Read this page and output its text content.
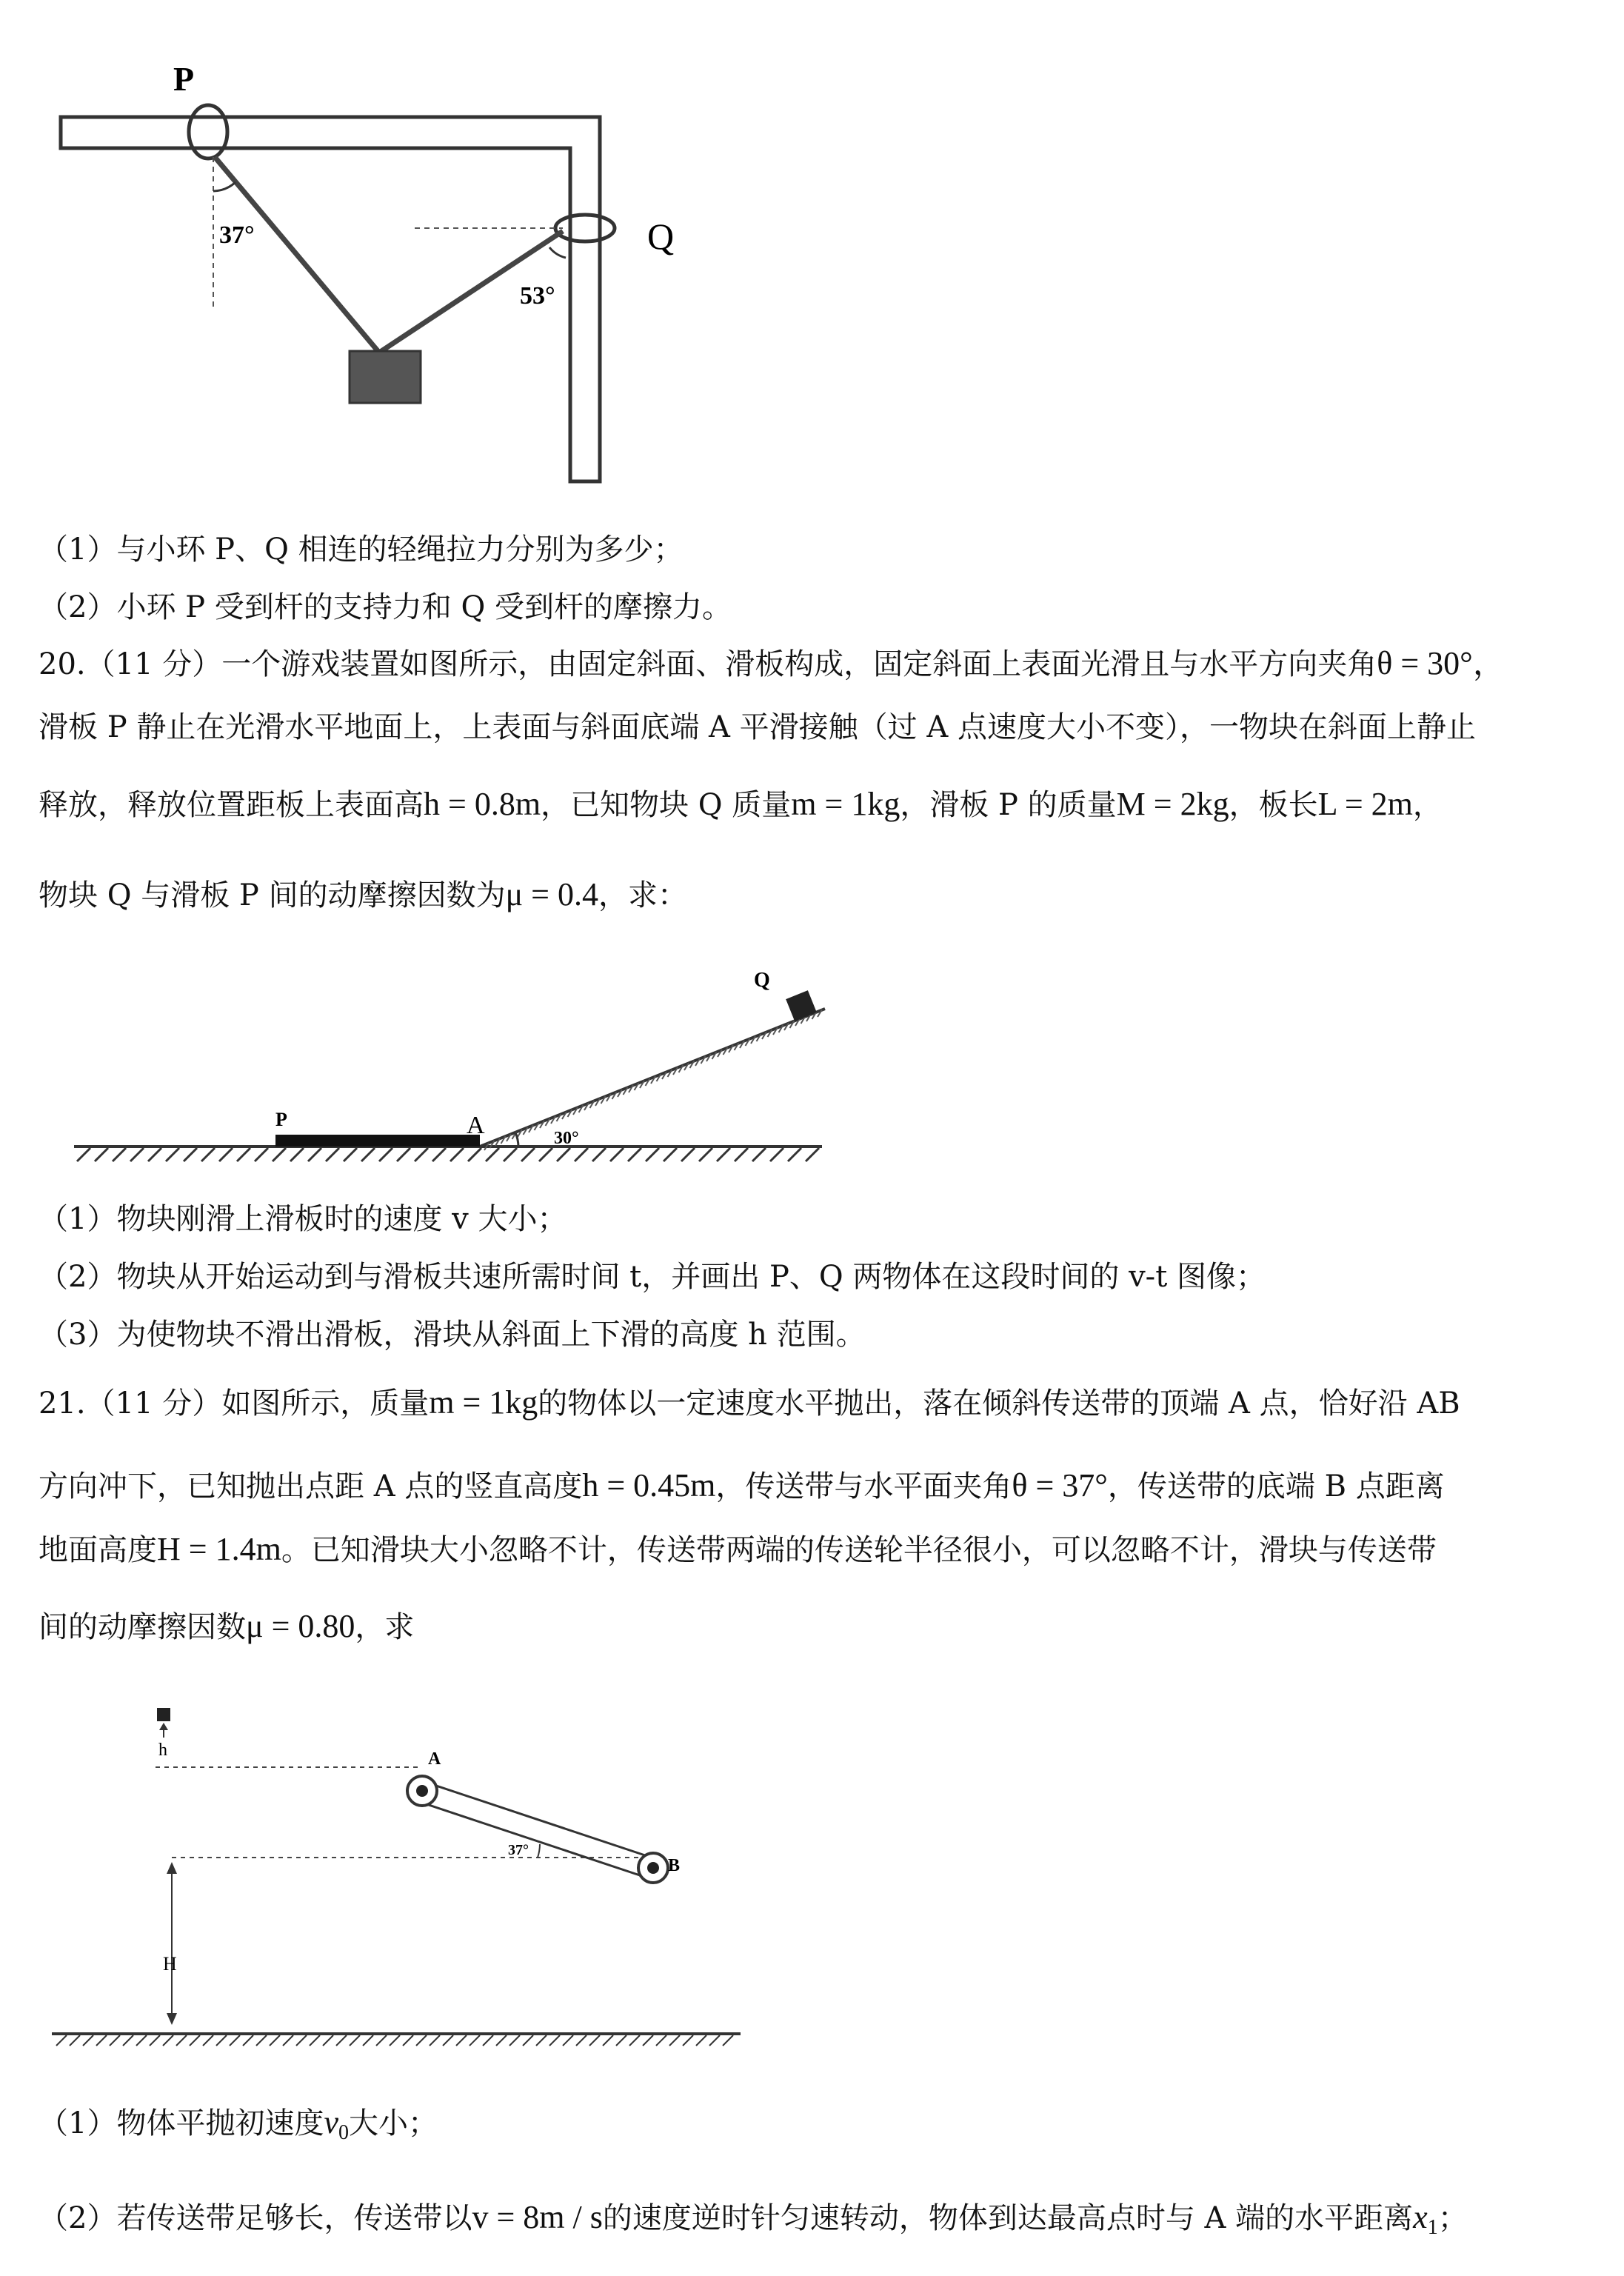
P
Q
37°
53°
（1）与小环 P、Q 相连的轻绳拉力分别为多少；
（2）小环 P 受到杆的支持力和 Q 受到杆的摩擦力。
20.（11 分）一个游戏装置如图所示，由固定斜面、滑板构成，固定斜面上表面光滑且与水平方向夹角θ = 30°，
滑板 P 静止在光滑水平地面上，上表面与斜面底端 A 平滑接触（过 A 点速度大小不变），一物块在斜面上静止
释放，释放位置距板上表面高h = 0.8m，已知物块 Q 质量m = 1kg，滑板 P 的质量M = 2kg，板长L = 2m，
物块 Q 与滑板 P 间的动摩擦因数为μ = 0.4，求：
Q
P	A	30°
（1）物块刚滑上滑板时的速度 v 大小；
（2）物块从开始运动到与滑板共速所需时间 t，并画出 P、Q 两物体在这段时间的 v-t 图像；
（3）为使物块不滑出滑板，滑块从斜面上下滑的高度 h 范围。
21.（11 分）如图所示，质量m = 1kg的物体以一定速度水平抛出，落在倾斜传送带的顶端 A 点，恰好沿 AB
方向冲下，已知抛出点距 A 点的竖直高度h = 0.45m，传送带与水平面夹角θ = 37°，传送带的底端 B 点距离
地面高度H = 1.4m。已知滑块大小忽略不计，传送带两端的传送轮半径很小，可以忽略不计，滑块与传送带
间的动摩擦因数μ = 0.80，求
h
37°
A
B
H
（1）物体平抛初速度$v_0$大小；
（2）若传送带足够长，传送带以v = 8m / s的速度逆时针匀速转动，物体到达最高点时与 A 端的水平距离$x_1$；
